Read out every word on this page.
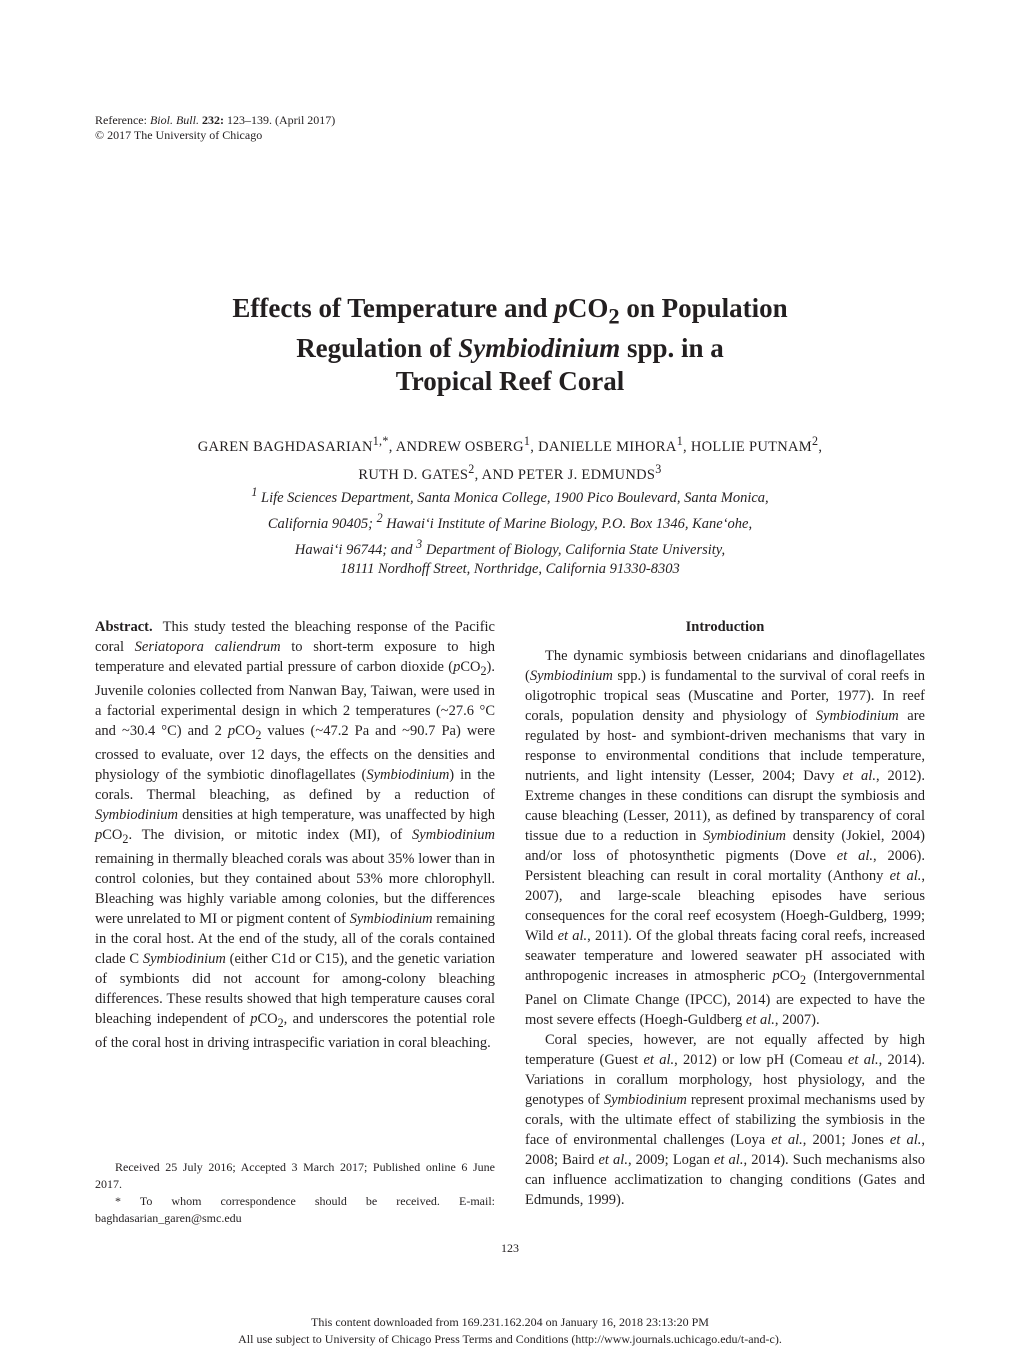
Reference: Biol. Bull. 232: 123–139. (April 2017)
© 2017 The University of Chicago
Effects of Temperature and pCO$_2$ on Population
Regulation of Symbiodinium spp. in a
Tropical Reef Coral
GAREN $BAGHDASARIAN^{1,*}$, ANDREW OSBERG$^1$, DANIELLE MIHORA$^1$, HOLLIE PUTNAM$^2$,
RUTH D. GATES$^2$, AND PETER J. EDMUNDS$^3$
$^1$ Life Sciences Department, Santa Monica College, 1900 Pico Boulevard, Santa Monica,
California 90405; $^2$ Hawai‘i Institute of Marine Biology, P.O. Box 1346, Kane‘ohe,
Hawai‘i 96744; and $^3$ Department of Biology, California State University,
18111 Nordhoff Street, Northridge, California 91330-8303

Abstract. This study tested the bleaching response of the Pacific coral Seriatopora caliendrum to short-term exposure to high temperature and elevated partial pressure of carbon dioxide (pCO$_2$). Juvenile colonies collected from Nanwan Bay, Taiwan, were used in a factorial experimental design in which 2 temperatures (~27.6 °C and ~30.4 °C) and 2 pCO$_2$ values (~47.2 Pa and ~90.7 Pa) were crossed to evaluate, over 12 days, the effects on the densities and physiology of the symbiotic dinoflagellates (Symbiodinium) in the corals. Thermal bleaching, as defined by a reduction of Symbiodinium densities at high temperature, was unaffected by high pCO$_2$. The division, or mitotic index (MI), of Symbiodinium remaining in thermally bleached corals was about 35% lower than in control colonies, but they contained about 53% more chlorophyll. Bleaching was highly variable among colonies, but the differences were unrelated to MI or pigment content of Symbiodinium remaining in the coral host. At the end of the study, all of the corals contained clade C Symbiodinium (either C1d or C15), and the genetic variation of symbionts did not account for among-colony bleaching differences. These results showed that high temperature causes coral bleaching independent of pCO$_2$, and underscores the potential role of the coral host in driving intraspecific variation in coral bleaching.

Received 25 July 2016; Accepted 3 March 2017; Published online 6 June 2017.

* To whom correspondence should be received. E-mail: baghdasarian_garen@smc.edu

Introduction

The dynamic symbiosis between cnidarians and dinoflagellates (Symbiodinium spp.) is fundamental to the survival of coral reefs in oligotrophic tropical seas (Muscatine and Porter, 1977). In reef corals, population density and physiology of Symbiodinium are regulated by host- and symbiont-driven mechanisms that vary in response to environmental conditions that include temperature, nutrients, and light intensity (Lesser, 2004; Davy et al., 2012). Extreme changes in these conditions can disrupt the symbiosis and cause bleaching (Lesser, 2011), as defined by transparency of coral tissue due to a reduction in Symbiodinium density (Jokiel, 2004) and/or loss of photosynthetic pigments (Dove et al., 2006). Persistent bleaching can result in coral mortality (Anthony et al., 2007), and large-scale bleaching episodes have serious consequences for the coral reef ecosystem (Hoegh-Guldberg, 1999; Wild et al., 2011). Of the global threats facing coral reefs, increased seawater temperature and lowered seawater pH associated with anthropogenic increases in atmospheric pCO$_2$ (Intergovernmental Panel on Climate Change (IPCC), 2014) are expected to have the most severe effects (Hoegh-Guldberg et al., 2007).

Coral species, however, are not equally affected by high temperature (Guest et al., 2012) or low pH (Comeau et al., 2014). Variations in corallum morphology, host physiology, and the genotypes of Symbiodinium represent proximal mechanisms used by corals, with the ultimate effect of stabilizing the symbiosis in the face of environmental challenges (Loya et al., 2001; Jones et al., 2008; Baird et al., 2009; Logan et al., 2014). Such mechanisms also can influence acclimatization to changing conditions (Gates and Edmunds, 1999).

123
This content downloaded from 169.231.162.204 on January 16, 2018 23:13:20 PM
All use subject to University of Chicago Press Terms and Conditions (http://www.journals.uchicago.edu/t-and-c).
